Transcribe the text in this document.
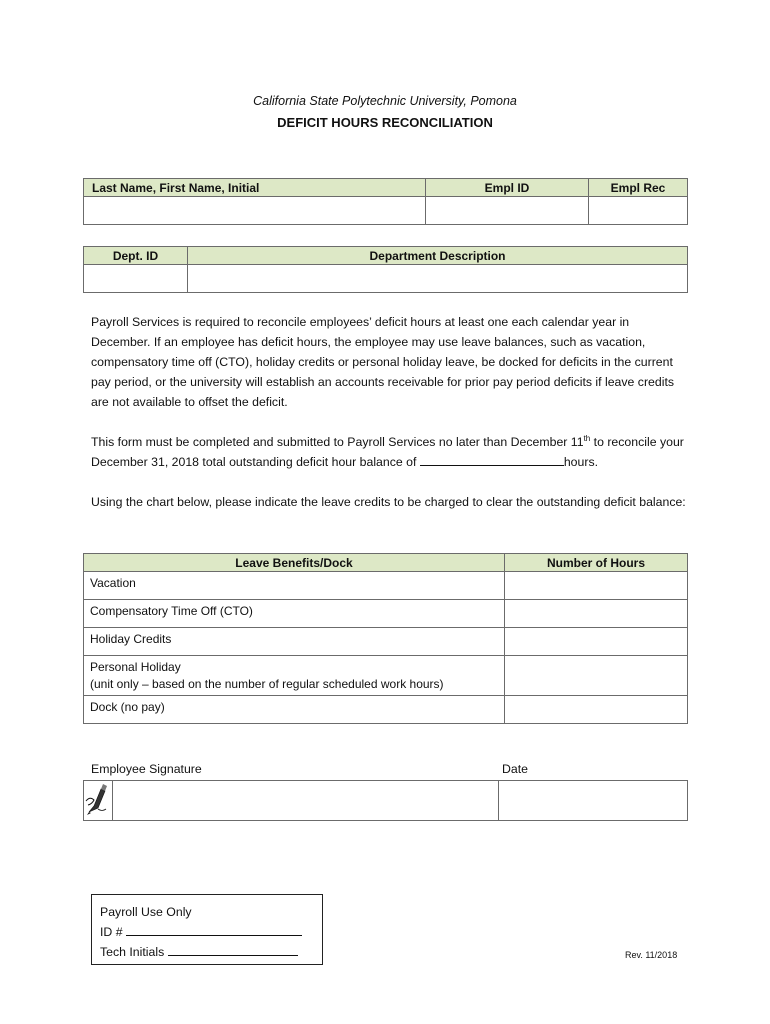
California State Polytechnic University, Pomona
DEFICIT HOURS RECONCILIATION
Last Name, First Name, Initial	Empl ID	Empl Rec

Dept. ID	Department Description

Payroll Services is required to reconcile employees’ deficit hours at least one each calendar year in December. If an employee has deficit hours, the employee may use leave balances, such as vacation, compensatory time off (CTO), holiday credits or personal holiday leave, be docked for deficits in the current pay period, or the university will establish an accounts receivable for prior pay period deficits if leave credits are not available to offset the deficit.
This form must be completed and submitted to Payroll Services no later than December 11th to reconcile your December 31, 2018 total outstanding deficit hour balance of	hours.
Using the chart below, please indicate the leave credits to be charged to clear the outstanding deficit balance:
Leave Benefits/Dock	Number of Hours
Vacation	
Compensatory Time Off (CTO)	
Holiday Credits	

Personal Holiday
(unit only – based on the number of regular scheduled work hours)	

Dock (no pay)	
Employee Signature	Date

Payroll Use Only
ID #
Tech Initials	Rev. 11/2018
